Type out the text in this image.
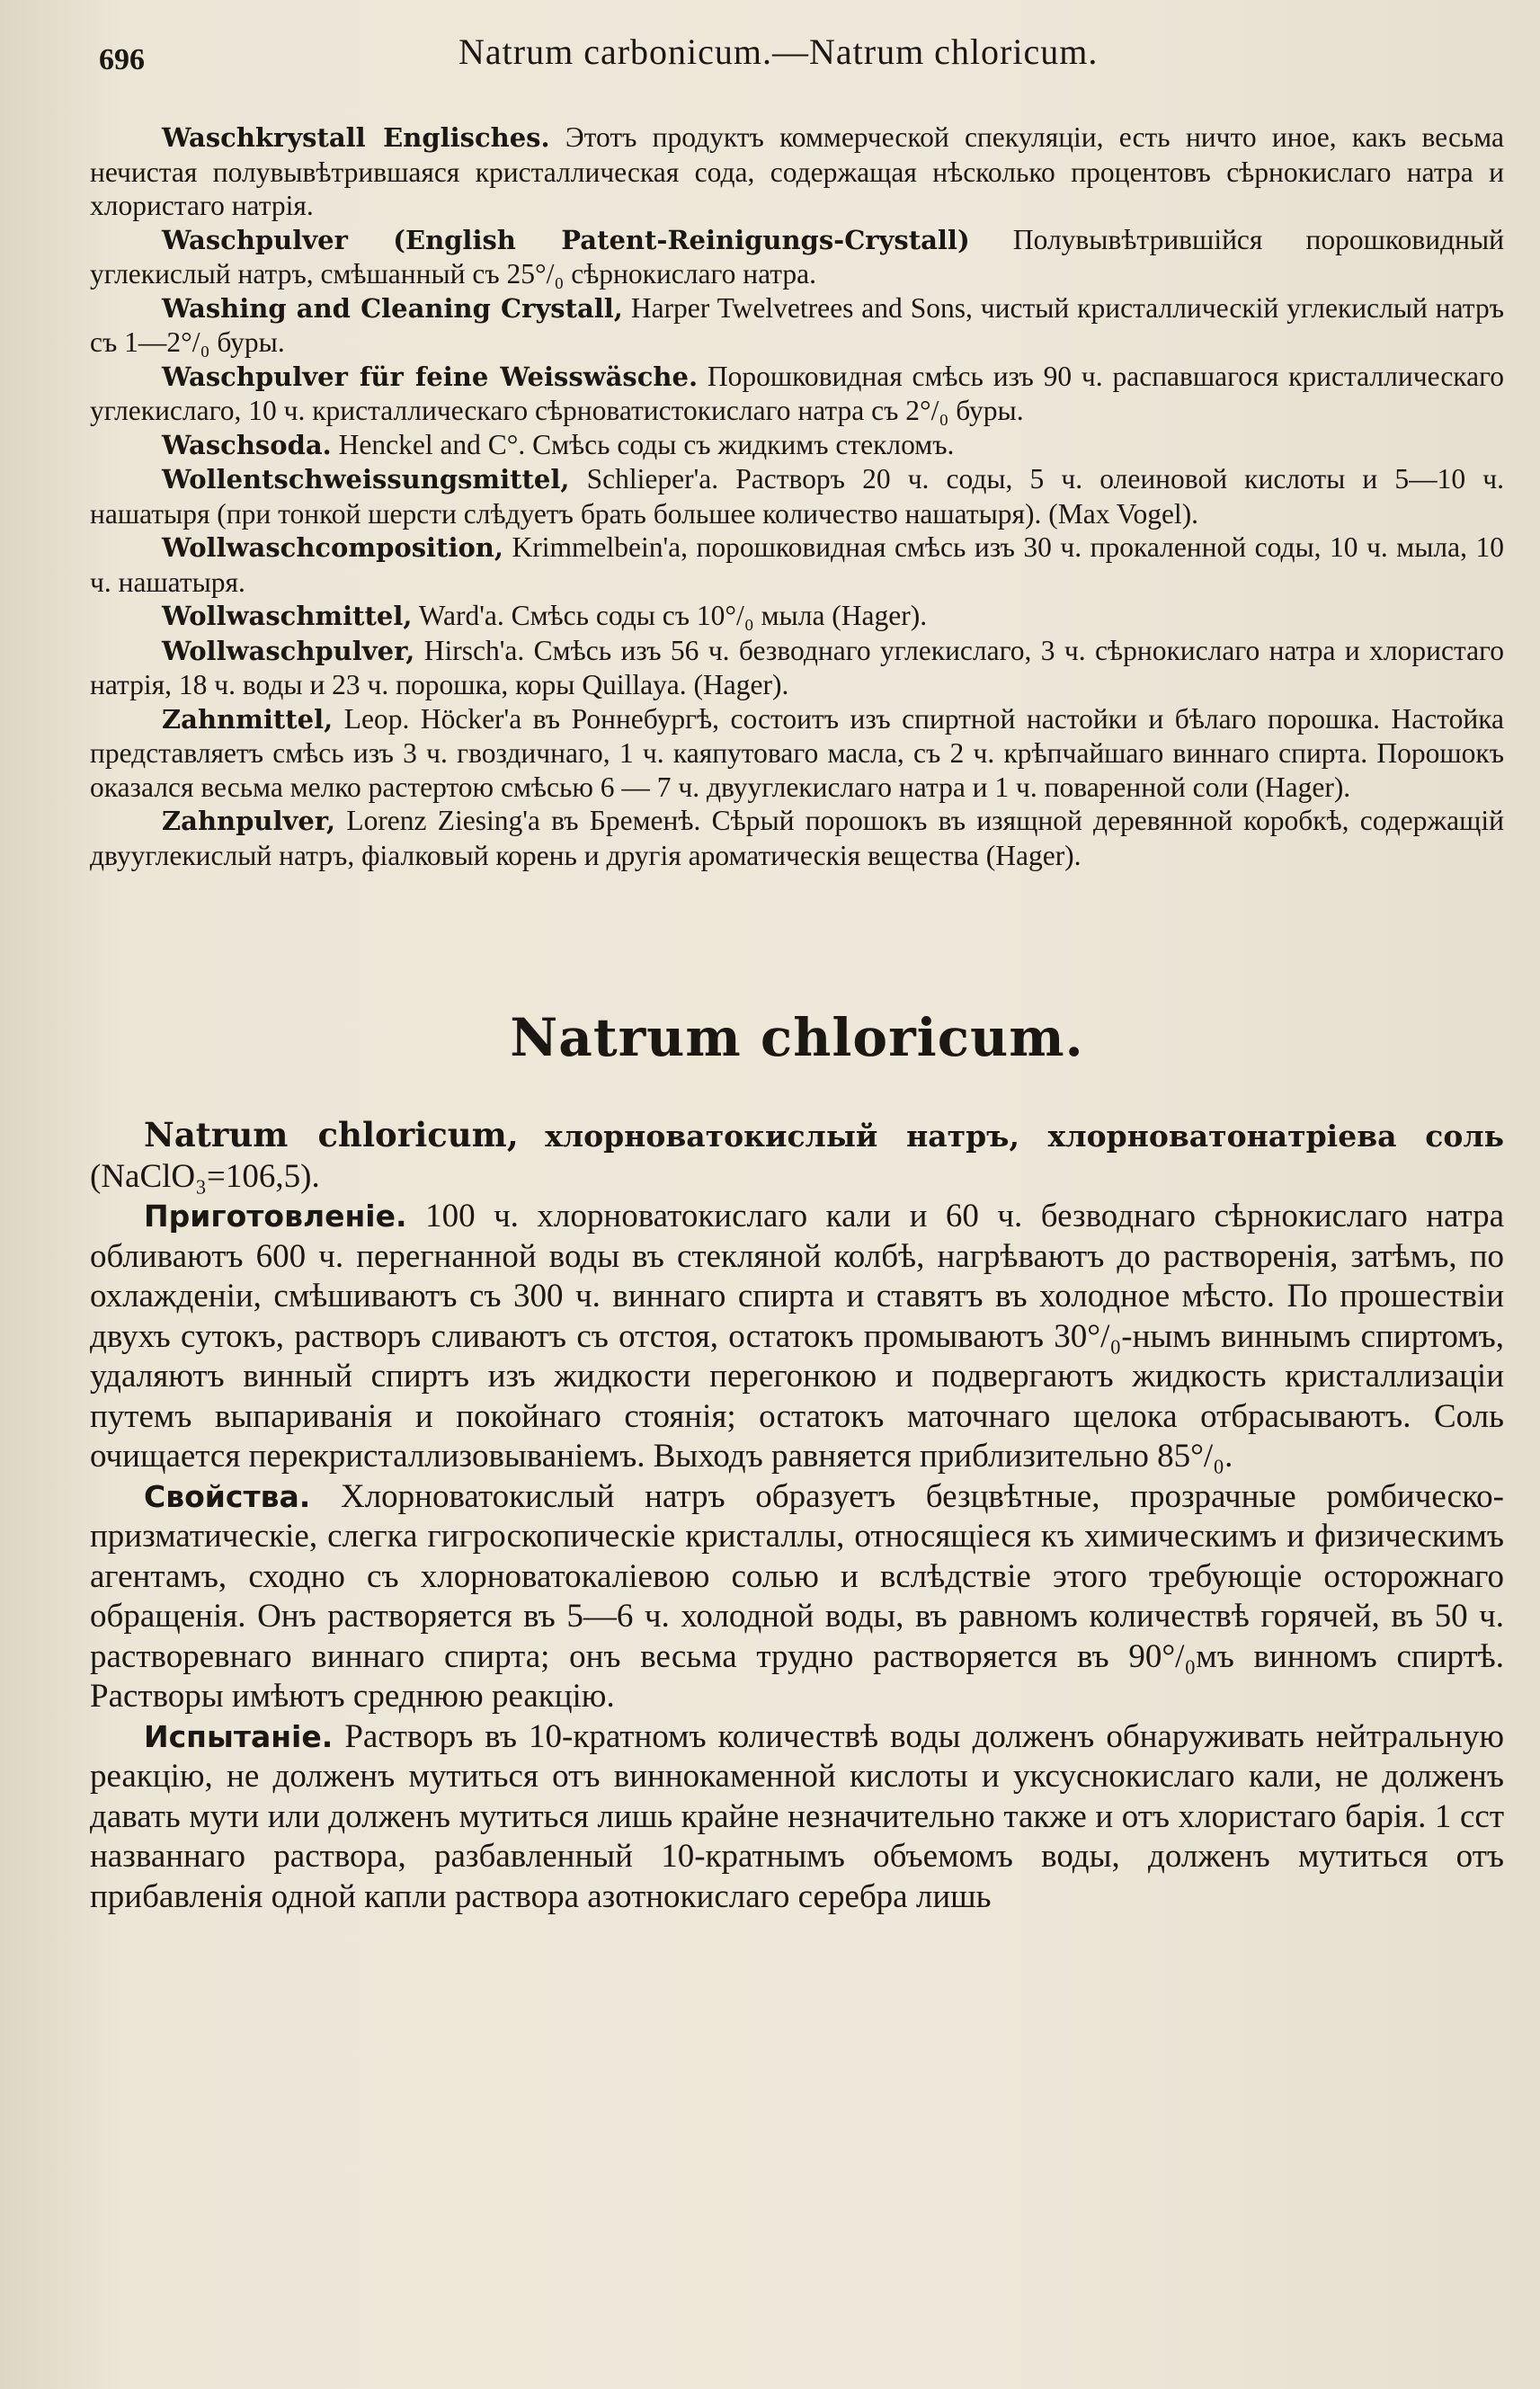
696	Natrum carbonicum.—Natrum chloricum.

Waschkrystall Englisches. Этотъ продуктъ коммерческой спекуляціи, есть ничто иное, какъ весьма нечистая полувывѣтрившаяся кристаллическая сода, содержащая нѣсколько процентовъ сѣрнокислаго натра и хлористаго натрія.

Waschpulver (English Patent-Reinigungs-Crystall) Полувывѣтрившійся порошковидный углекислый натръ, смѣшанный съ 25°/₀ сѣрнокислаго натра.

Washing and Cleaning Crystall, Harper Twelvetrees and Sons, чистый кристаллическій углекислый натръ съ 1—2°/₀ буры.

Waschpulver für feine Weisswäsche. Порошковидная смѣсь изъ 90 ч. распавшагося кристаллическаго углекислаго, 10 ч. кристаллическаго сѣрноватистокислаго натра съ 2°/₀ буры.

Waschsoda. Henckel and C°. Смѣсь соды съ жидкимъ стекломъ.

Wollentschweissungsmittel, Schlieper'a. Растворъ 20 ч. соды, 5 ч. олеиновой кислоты и 5—10 ч. нашатыря (при тонкой шерсти слѣдуетъ брать большее количество нашатыря). (Max Vogel).

Wollwaschcomposition, Krimmelbein'a, порошковидная смѣсь изъ 30 ч. прокаленной соды, 10 ч. мыла, 10 ч. нашатыря.

Wollwaschmittel, Ward'a. Смѣсь соды съ 10°/₀ мыла (Hager).

Wollwaschpulver, Hirsch'a. Смѣсь изъ 56 ч. безводнаго углекислаго, 3 ч. сѣрнокислаго натра и хлористаго натрія, 18 ч. воды и 23 ч. порошка, коры Quillaya. (Hager).

Zahnmittel, Leop. Höcker'a въ Роннебургѣ, состоитъ изъ спиртной настойки и бѣлаго порошка. Настойка представляетъ смѣсь изъ 3 ч. гвоздичнаго, 1 ч. каяпутоваго масла, съ 2 ч. крѣпчайшаго виннаго спирта. Порошокъ оказался весьма мелко растертою смѣсью 6 — 7 ч. двууглекислаго натра и 1 ч. поваренной соли (Hager).

Zahnpulver, Lorenz Ziesing'a въ Бременѣ. Сѣрый порошокъ въ изящной деревянной коробкѣ, содержащій двууглекислый натръ, фіалковый корень и другія ароматическія вещества (Hager).

Natrum chloricum.

Natrum chloricum, хлорноватокислый натръ, хлорноватонатріева соль (NaClO₃=106,5).

Приготовленіе. 100 ч. хлорноватокислаго кали и 60 ч. безводнаго сѣрнокислаго натра обливаютъ 600 ч. перегнанной воды въ стекляной колбѣ, нагрѣваютъ до растворенія, затѣмъ, по охлажденіи, смѣшиваютъ съ 300 ч. виннаго спирта и ставятъ въ холодное мѣсто. По прошествіи двухъ сутокъ, растворъ сливаютъ съ отстоя, остатокъ промываютъ 30°/₀-нымъ виннымъ спиртомъ, удаляютъ винный спиртъ изъ жидкости перегонкою и подвергаютъ жидкость кристаллизаціи путемъ выпариванія и покойнаго стоянія; остатокъ маточнаго щелока отбрасываютъ. Соль очищается перекристаллизовываніемъ. Выходъ равняется приблизительно 85°/₀.

Свойства. Хлорноватокислый натръ образуетъ безцвѣтные, прозрачные ромбическо-призматическіе, слегка гигроскопическіе кристаллы, относящіеся къ химическимъ и физическимъ агентамъ, сходно съ хлорноватокаліевою солью и вслѣдствіе этого требующіе осторожнаго обращенія. Онъ растворяется въ 5—6 ч. холодной воды, въ равномъ количествѣ горячей, въ 50 ч. растворевнаго виннаго спирта; онъ весьма трудно растворяется въ 90°/₀мъ винномъ спиртѣ. Растворы имѣютъ среднюю реакцію.

Испытаніе. Растворъ въ 10-кратномъ количествѣ воды долженъ обнаруживать нейтральную реакцію, не долженъ мутиться отъ виннокаменной кислоты и уксуснокислаго кали, не долженъ давать мути или долженъ мутиться лишь крайне незначительно также и отъ хлористаго барія. 1 сст названнаго раствора, разбавленный 10-кратнымъ объемомъ воды, долженъ мутиться отъ прибавленія одной капли раствора азотнокислаго серебра лишь
